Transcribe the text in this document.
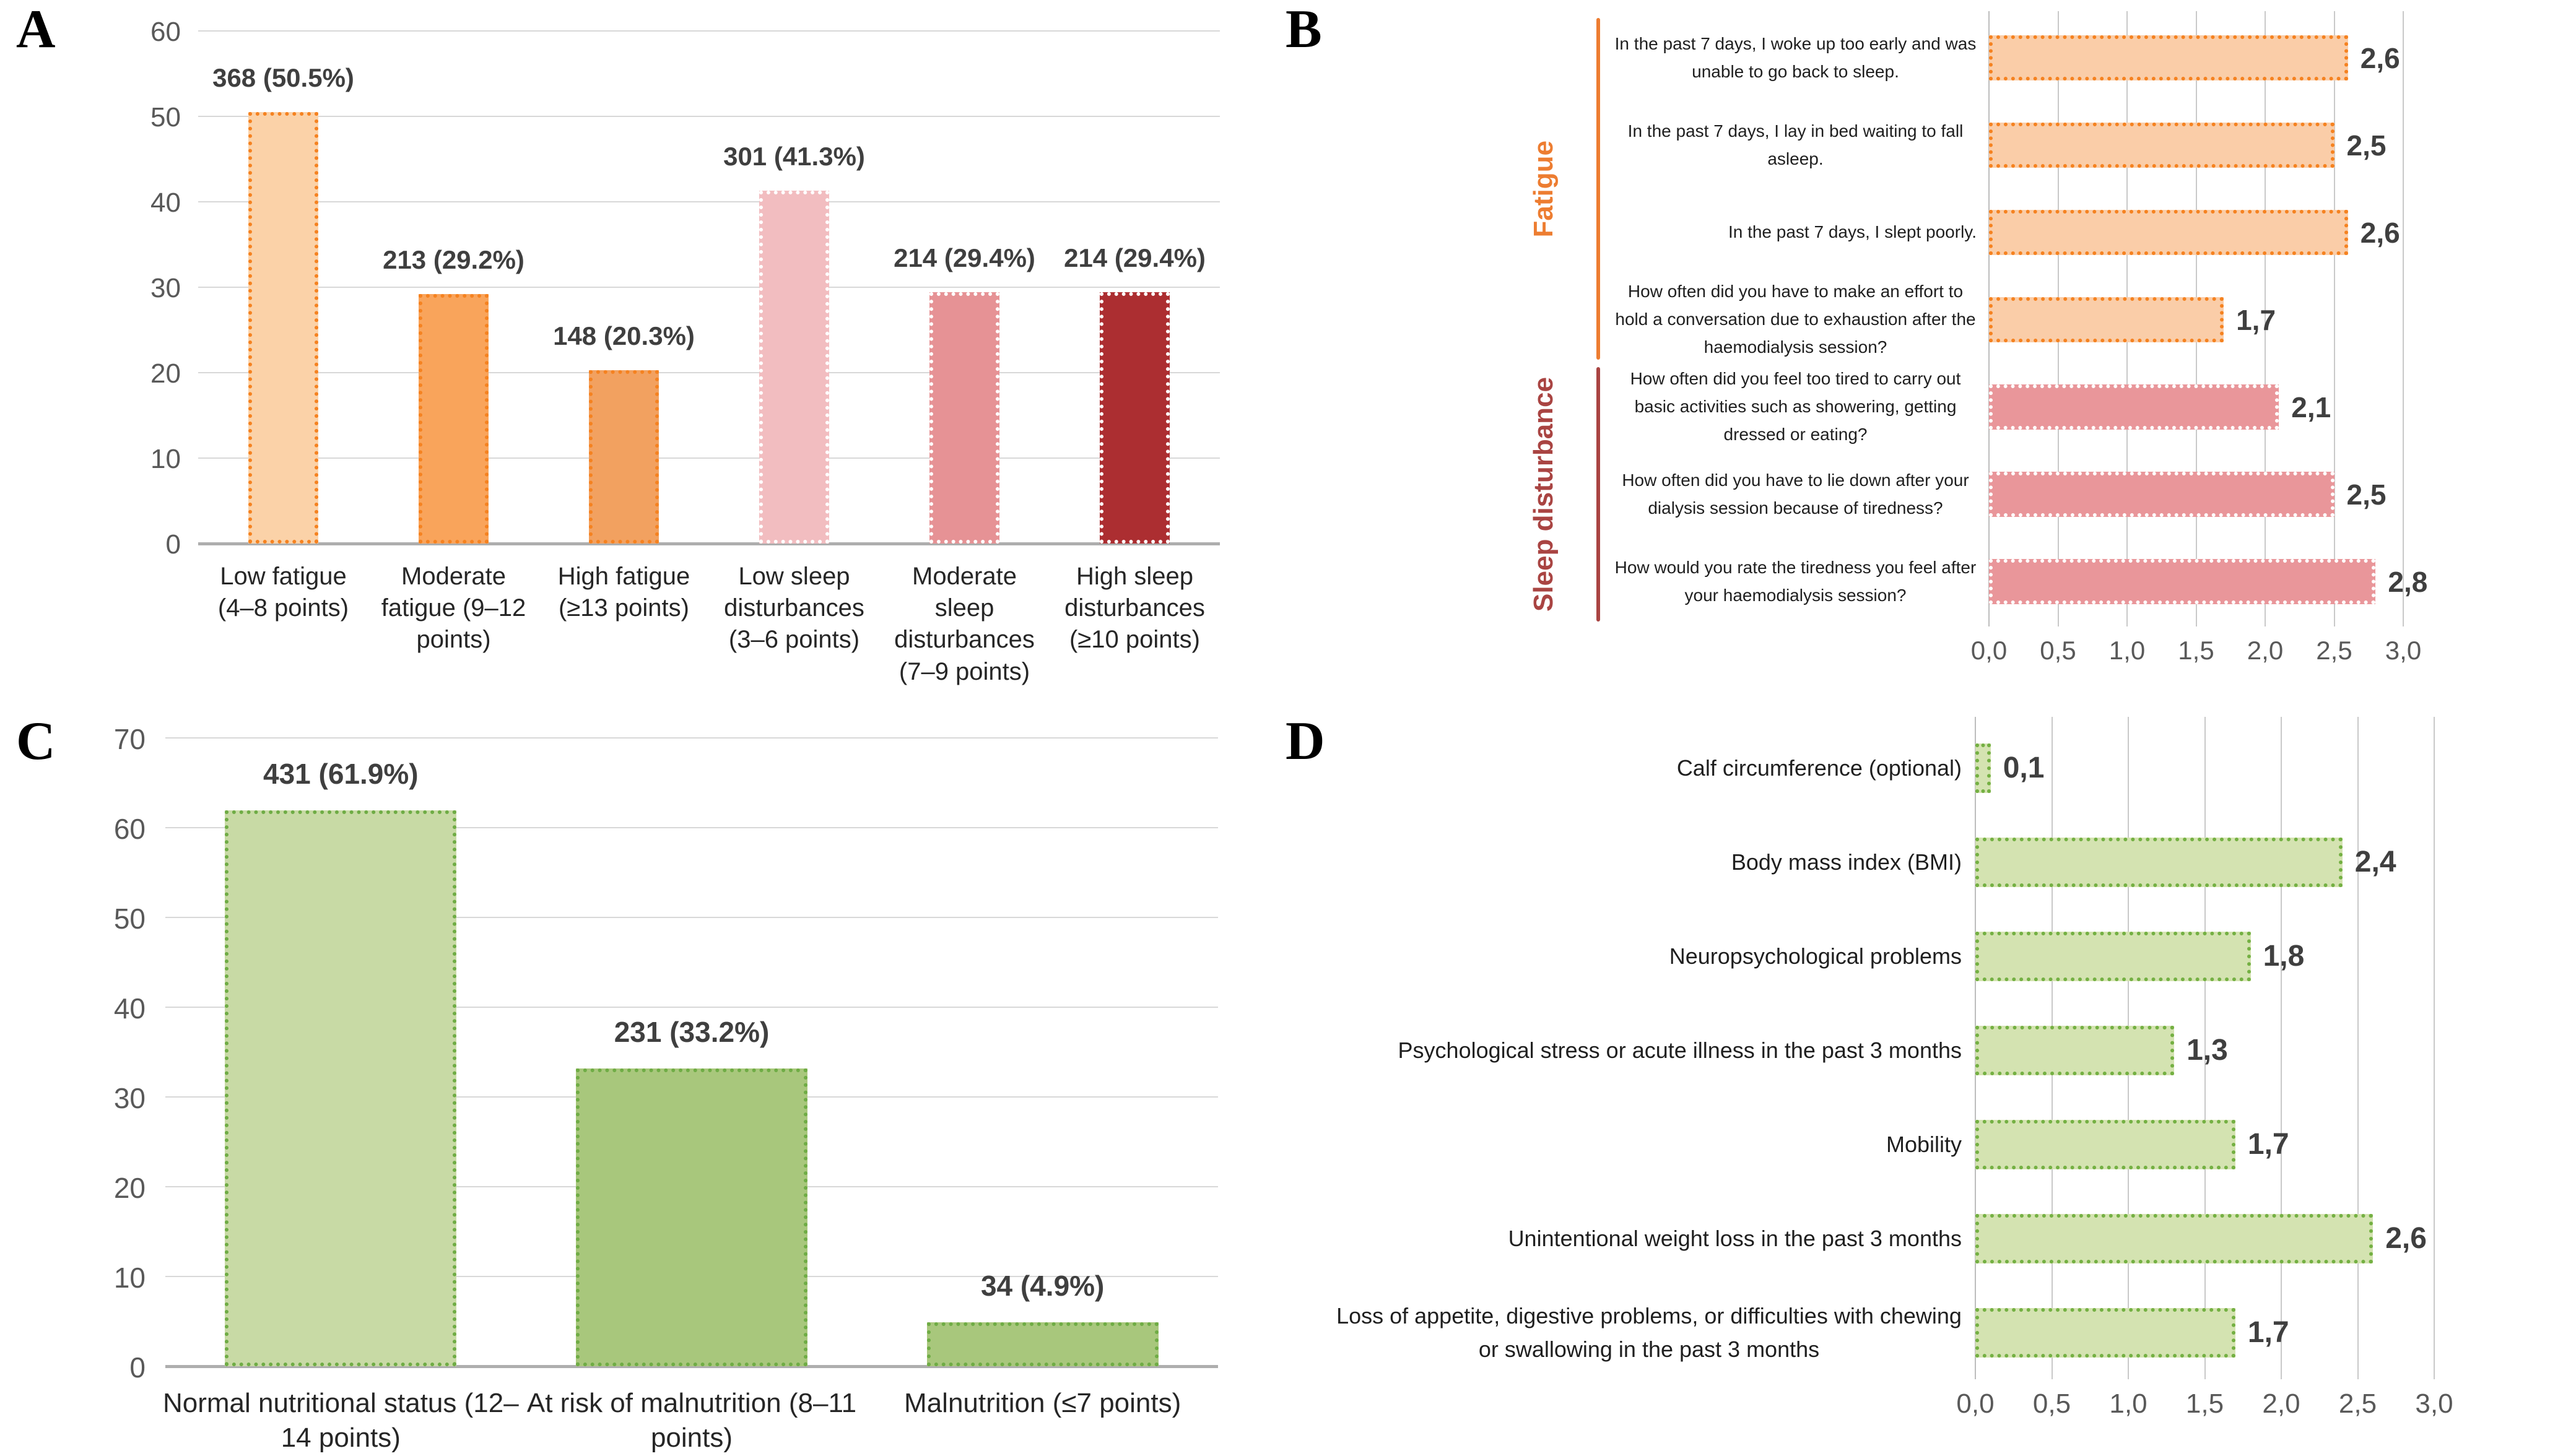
A
0
10
20
30
40
50
60
368 (50.5%)
Low fatigue (4–8 points)
213 (29.2%)
Moderate fatigue (9–12 points)
148 (20.3%)
High fatigue (≥13 points)
301 (41.3%)
Low sleep disturbances (3–6 points)
214 (29.4%)
Moderate sleep disturbances (7–9 points)
214 (29.4%)
High sleep disturbances (≥10 points)
B
0,0	0,5	1,0	1,5	2,0	2,5	3,0
2,6
In the past 7 days, I woke up too early and was unable to go back to sleep.
2,5
In the past 7 days, I lay in bed waiting to fall asleep.
2,6
In the past 7 days, I slept poorly.
1,7
How often did you have to make an effort to hold a conversation due to exhaustion after the haemodialysis session?
2,1
How often did you feel too tired to carry out basic activities such as showering, getting dressed or eating?
2,5
How often did you have to lie down after your dialysis session because of tiredness?
2,8
How would you rate the tiredness you feel after your haemodialysis session?
Fatigue
Sleep disturbance
C
0
10
20
30
40
50
60
70
431 (61.9%)
Normal nutritional status (12–14 points)
231 (33.2%)
At risk of malnutrition (8–11 points)
34 (4.9%)
Malnutrition (≤7 points)
D
0,0	0,5	1,0	1,5	2,0	2,5	3,0
0,1
Calf circumference (optional)
2,4
Body mass index (BMI)
1,8
Neuropsychological problems
1,3
Psychological stress or acute illness in the past 3 months
1,7
Mobility
2,6
Unintentional weight loss in the past 3 months
1,7
Loss of appetite, digestive problems, or difficulties with chewing or swallowing in the past 3 months
